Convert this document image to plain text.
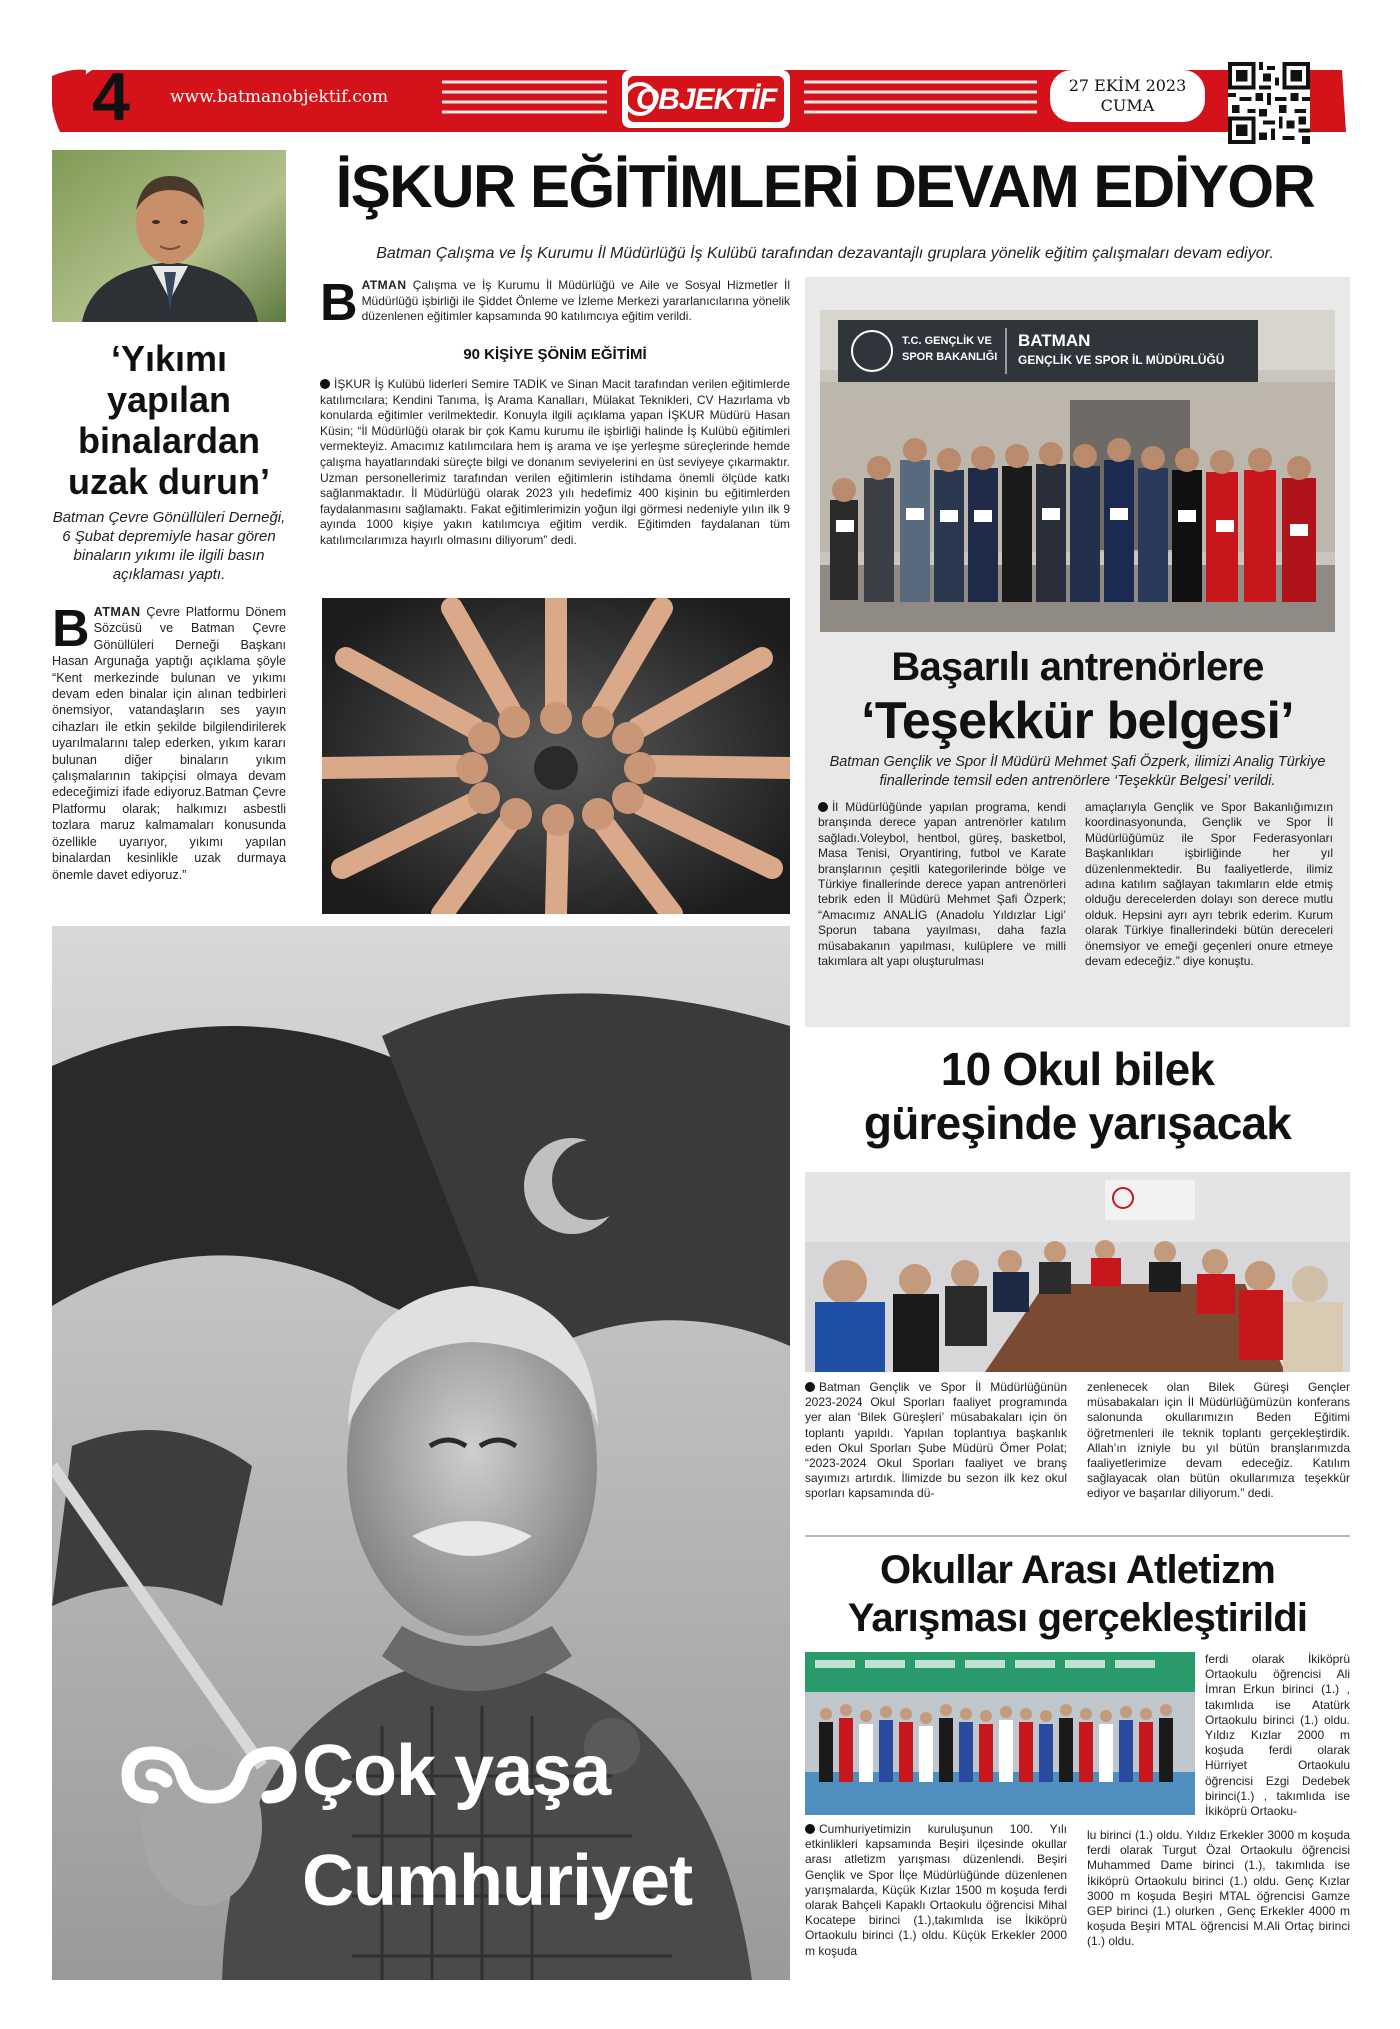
4	www.batmanobjektif.com	OBJEKTİF	27 EKİM 2023
CUMA
‘Yıkımı yapılan binalardan uzak durun’
Batman Çevre Gönüllüleri Derneği, 6 Şubat depremiyle hasar gören binaların yıkımı ile ilgili basın açıklaması yaptı.
BATMAN Çevre Platformu Dönem Sözcüsü ve Batman Çevre Gönüllüleri Derneği Başkanı Hasan Argunağa yaptığı açıklama şöyle “Kent merkezinde bulunan ve yıkımı devam eden binalar için alınan tedbirleri önemsiyor, vatandaşların ses yayın cihazları ile etkin şekilde bilgilendirilerek uyarılmalarını talep ederken, yıkım kararı bulunan diğer binaların yıkım çalışmalarının takipçisi olmaya devam edeceğimizi ifade ediyoruz.Batman Çevre Platformu olarak; halkımızı asbestli tozlara maruz kalmamaları konusunda özellikle uyarıyor, yıkımı yapılan binalardan kesinlikle uzak durmaya önemle davet ediyoruz.”
İŞKUR EĞİTİMLERİ DEVAM EDİYOR
Batman Çalışma ve İş Kurumu İl Müdürlüğü İş Kulübü tarafından dezavantajlı gruplara yönelik eğitim çalışmaları devam ediyor.
BATMAN Çalışma ve İş Kurumu İl Müdürlüğü ve Aile ve Sosyal Hizmetler İl Müdürlüğü işbirliği ile Şiddet Önleme ve İzleme Merkezi yararlanıcılarına yönelik düzenlenen eğitimler kapsamında 90 katılımcıya eğitim verildi.
90 KİŞİYE ŞÖNİM EĞİTİMİ
İŞKUR İş Kulübü liderleri Semire TADİK ve Sinan Macit tarafından verilen eğitimlerde katılımcılara; Kendini Tanıma, İş Arama Kanalları, Mülakat Teknikleri, CV Hazırlama vb konularda eğitimler verilmektedir. Konuyla ilgili açıklama yapan İŞKUR Müdürü Hasan Küsin; “İl Müdürlüğü olarak bir çok Kamu kurumu ile işbirliği halinde İş Kulübü eğitimleri vermekteyiz. Amacımız katılımcılara hem iş arama ve işe yerleşme süreçlerinde hemde çalışma hayatlarındaki süreçte bilgi ve donanım seviyelerini en üst seviyeye çıkarmaktır. Uzman personellerimiz tarafından verilen eğitimlerin istihdama önemli ölçüde katkı sağlanmaktadır. İl Müdürlüğü olarak 2023 yılı hedefimiz 400 kişinin bu eğitimlerden faydalanmasını sağlamaktı. Fakat eğitimlerimizin yoğun ilgi görmesi nedeniyle yılın ilk 9 ayında 1000 kişiye yakın katılımcıya eğitim verdik. Eğitimden faydalanan tüm katılımcılarımıza hayırlı olmasını diliyorum” dedi.
T.C. GENÇLİK VE
SPOR BAKANLIĞI
BATMAN
GENÇLİK VE SPOR İL MÜDÜRLÜĞÜ
Başarılı antrenörlere
‘Teşekkür belgesi’
Batman Gençlik ve Spor İl Müdürü Mehmet Şafi Özperk, ilimizi Analig Türkiye finallerinde temsil eden antrenörlere ‘Teşekkür Belgesi’ verildi.
İl Müdürlüğünde yapılan programa, kendi branşında derece yapan antrenörler katılım sağladı.Voleybol, hentbol, güreş, basketbol, Masa Tenisi, Oryantiring, futbol ve Karate branşlarının çeşitli kategorilerinde bölge ve Türkiye finallerinde derece yapan antrenörleri tebrik eden İl Müdürü Mehmet Şafi Özperk; “Amacımız ANALİG (Anadolu Yıldızlar Ligi’ Sporun tabana yayılması, daha fazla müsabakanın yapılması, kulüplere ve milli takımlara alt yapı oluşturulması
amaçlarıyla Gençlik ve Spor Bakanlığımızın koordinasyonunda, Gençlik ve Spor İl Müdürlüğümüz ile Spor Federasyonları Başkanlıkları işbirliğinde her yıl düzenlenmektedir. Bu faaliyetlerde, ilimiz adına katılım sağlayan takımların elde etmiş olduğu derecelerden dolayı son derece mutlu olduk. Hepsini ayrı ayrı tebrik ederim. Kurum olarak Türkiye finallerindeki bütün dereceleri önemsiyor ve emeği geçenleri onure etmeye devam edeceğiz.” diye konuştu.
10 Okul bilek
güreşinde yarışacak
Batman Gençlik ve Spor İl Müdürlüğünün 2023-2024 Okul Sporları faaliyet programında yer alan ‘Bilek Güreşleri’ müsabakaları için ön toplantı yapıldı. Yapılan toplantıya başkanlık eden Okul Sporları Şube Müdürü Ömer Polat; “2023-2024 Okul Sporları faaliyet ve branş sayımızı artırdık. İlimizde bu sezon ilk kez okul sporları kapsamında dü-
zenlenecek olan Bilek Güreşi Gençler müsabakaları için İl Müdürlüğümüzün konferans salonunda okullarımızın Beden Eğitimi öğretmenleri ile teknik toplantı gerçekleştirdik. Allah’ın izniyle bu yıl bütün branşlarımızda faaliyetlerimize devam edeceğiz. Katılım sağlayacak olan bütün okullarımıza teşekkür ediyor ve başarılar diliyorum.” dedi.
Okullar Arası Atletizm
Yarışması gerçekleştirildi
ferdi olarak İkiköprü Ortaokulu öğrencisi Ali İmran Erkun birinci (1.) , takımlıda ise Atatürk Ortaokulu birinci (1.) oldu. Yıldız Kızlar 2000 m koşuda ferdi olarak Hürriyet Ortaokulu öğrencisi Ezgi Dedebek birinci(1.) , takımlıda ise İkiköprü Ortaoku-
Cumhuriyetimizin kuruluşunun 100. Yılı etkinlikleri kapsamında Beşiri ilçesinde okullar arası atletizm yarışması düzenlendi. Beşiri Gençlik ve Spor İlçe Müdürlüğünde düzenlenen yarışmalarda, Küçük Kızlar 1500 m koşuda ferdi olarak Bahçeli Kapaklı Ortaokulu öğrencisi Mihal Kocatepe birinci (1.),takımlıda ise İkiköprü Ortaokulu birinci (1.) oldu. Küçük Erkekler 2000 m koşuda
lu birinci (1.) oldu. Yıldız Erkekler 3000 m koşuda ferdi olarak Turgut Özal Ortaokulu öğrencisi Muhammed Dame birinci (1.), takımlıda ise İkiköprü Ortaokulu birinci (1.) oldu. Genç Kızlar 3000 m koşuda Beşiri MTAL öğrencisi Gamze GEP birinci (1.) olurken , Genç Erkekler 4000 m koşuda Beşiri MTAL öğrencisi M.Ali Ortaç birinci (1.) oldu.
Çok yaşa
Cumhuriyet
